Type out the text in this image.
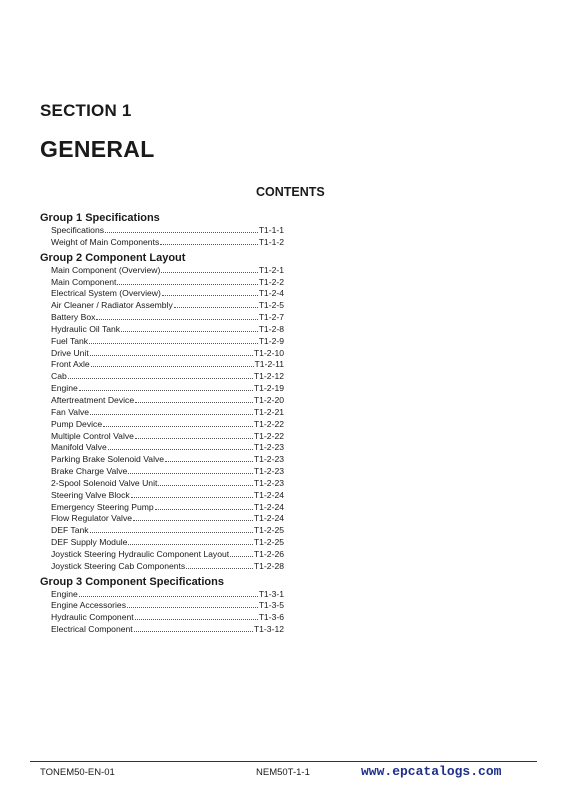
SECTION 1
GENERAL
CONTENTS
Group 1 Specifications
Specifications	T1-1-1
Weight of Main Components	T1-1-2
Group 2 Component Layout
Main Component (Overview)	T1-2-1
Main Component	T1-2-2
Electrical System (Overview)	T1-2-4
Air Cleaner / Radiator Assembly	T1-2-5
Battery Box	T1-2-7
Hydraulic Oil Tank	T1-2-8
Fuel Tank	T1-2-9
Drive Unit	T1-2-10
Front Axle	T1-2-11
Cab	T1-2-12
Engine	T1-2-19
Aftertreatment Device	T1-2-20
Fan Valve	T1-2-21
Pump Device	T1-2-22
Multiple Control Valve	T1-2-22
Manifold Valve	T1-2-23
Parking Brake Solenoid Valve	T1-2-23
Brake Charge Valve	T1-2-23
2-Spool Solenoid Valve Unit	T1-2-23
Steering Valve Block	T1-2-24
Emergency Steering Pump	T1-2-24
Flow Regulator Valve	T1-2-24
DEF Tank	T1-2-25
DEF Supply Module	T1-2-25
Joystick Steering Hydraulic Component Layout	T1-2-26
Joystick Steering Cab Components	T1-2-28
Group 3 Component Specifications
Engine	T1-3-1
Engine Accessories	T1-3-5
Hydraulic Component	T1-3-6
Electrical Component	T1-3-12
TONEM50-EN-01	NEM50T-1-1	www.epcatalogs.com
